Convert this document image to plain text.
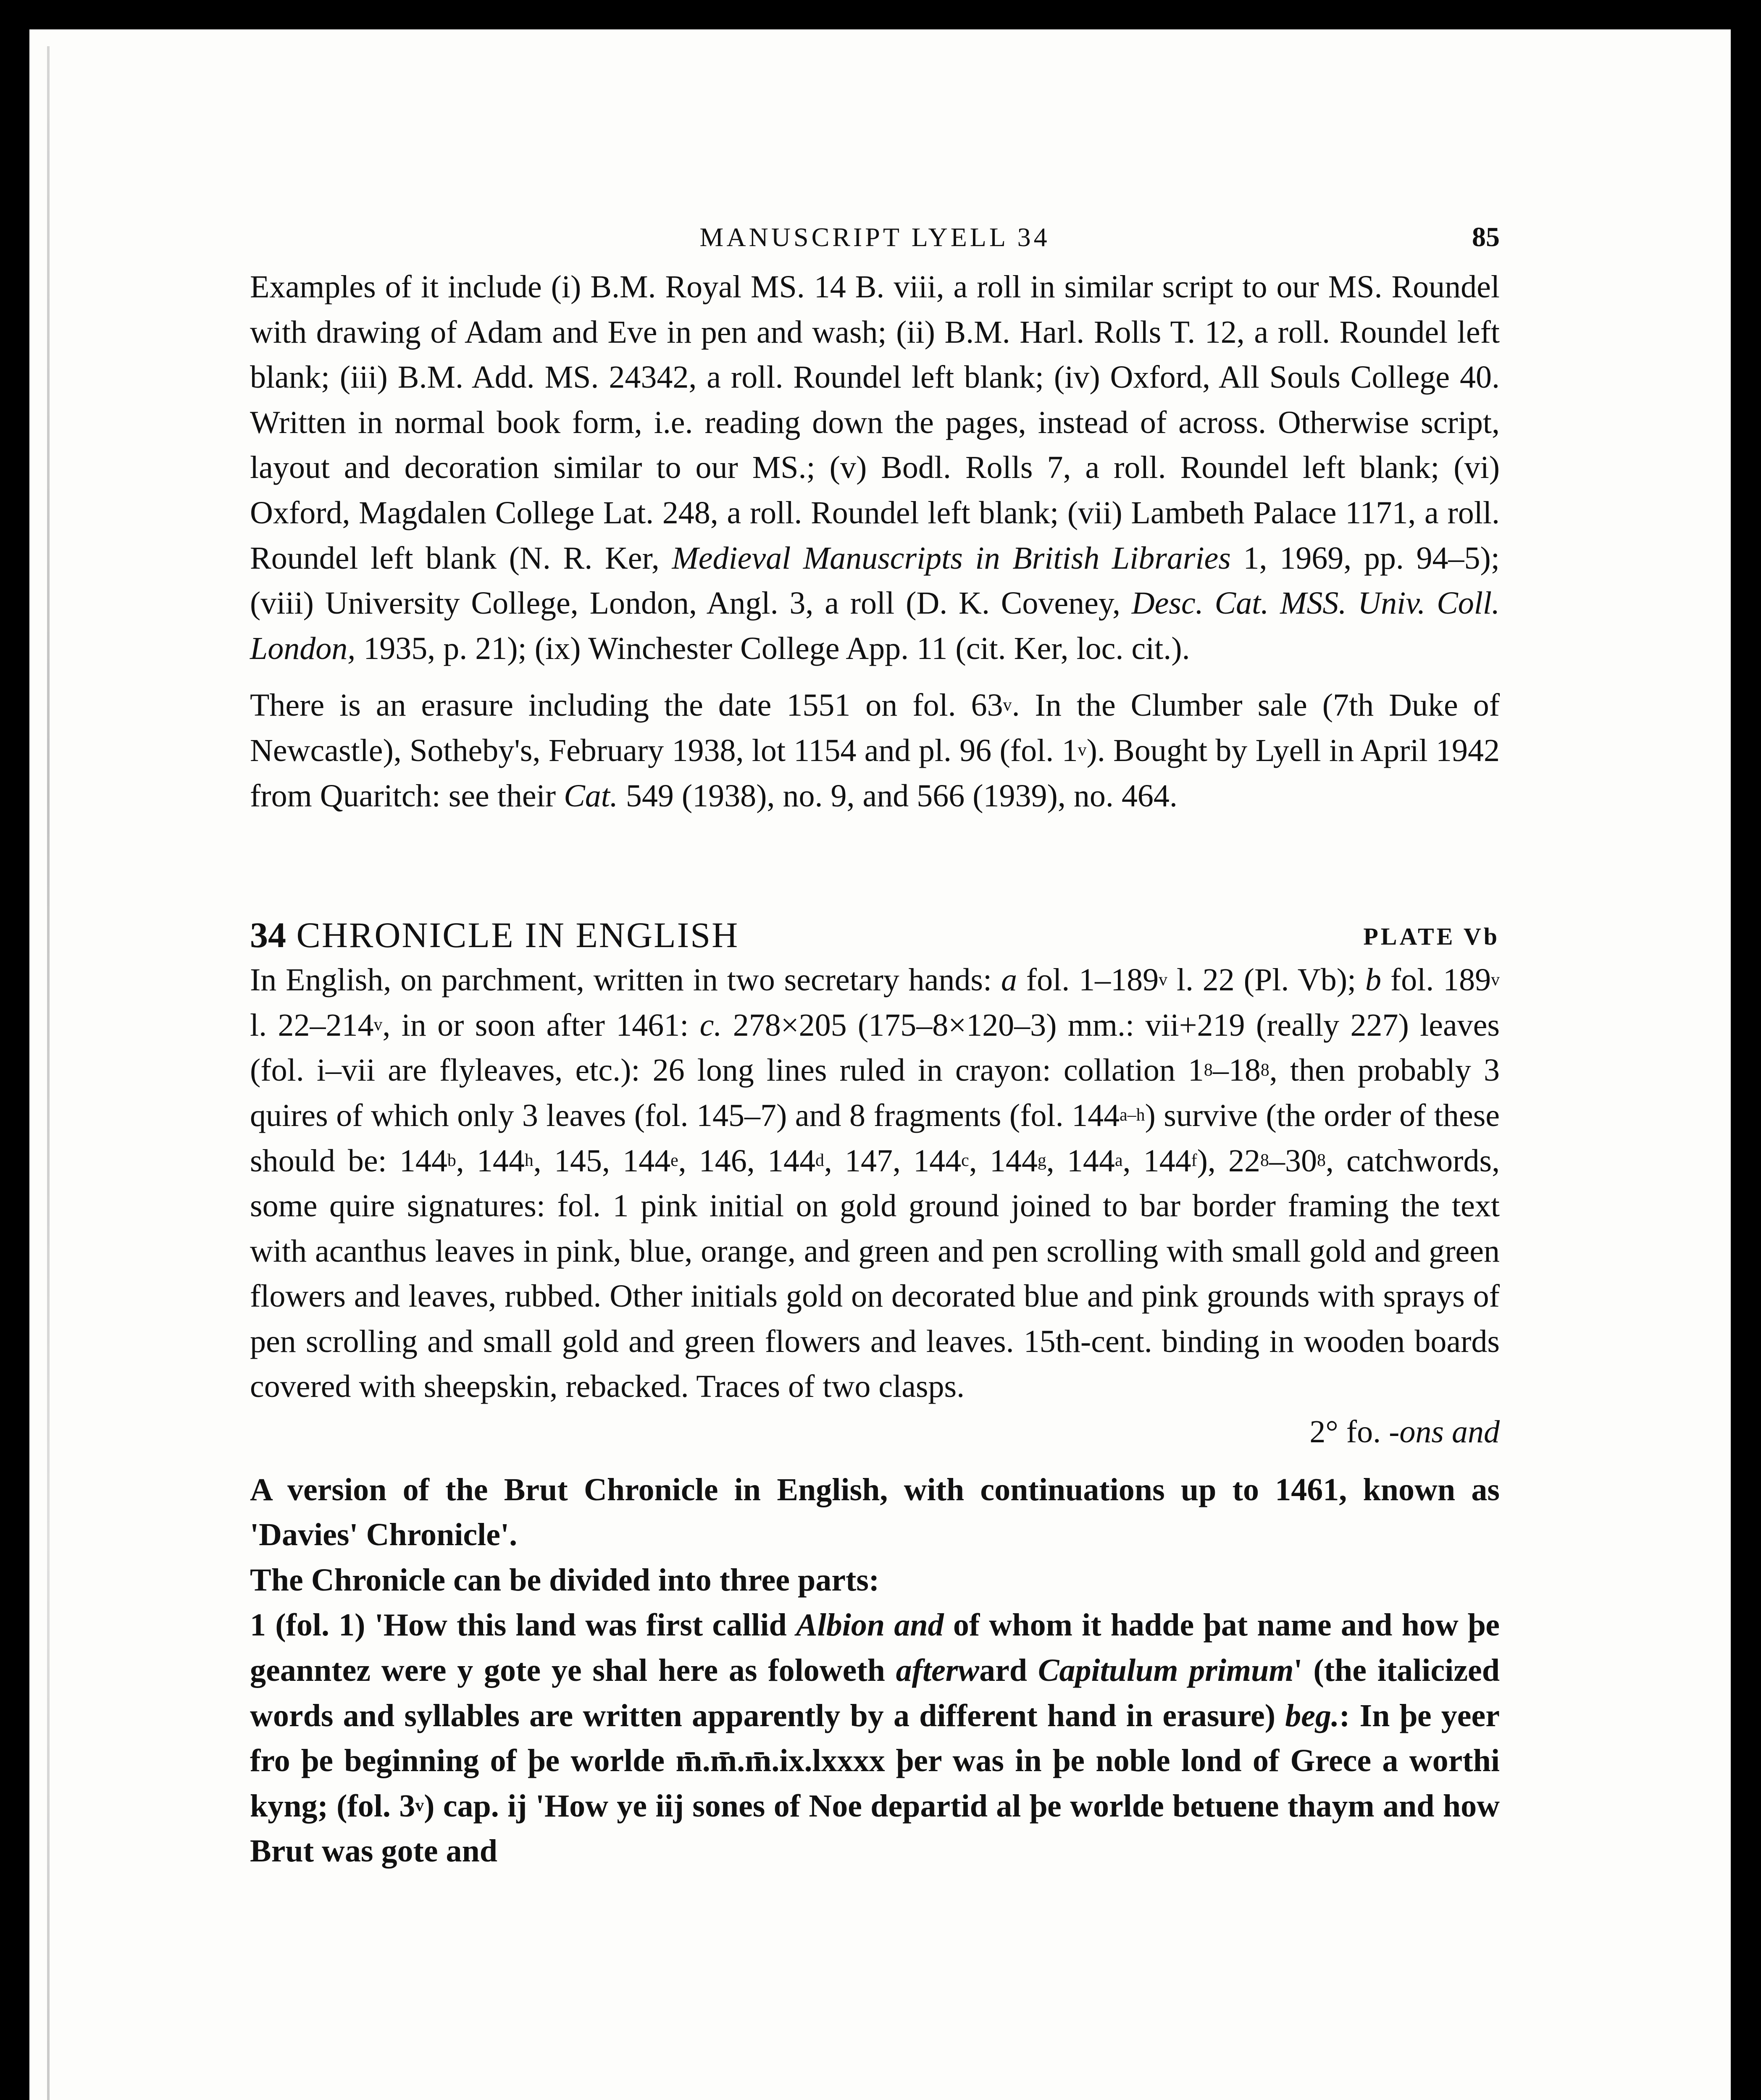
MANUSCRIPT LYELL 34	85

Examples of it include (i) B.M. Royal MS. 14 B. viii, a roll in similar script to our MS. Roundel with drawing of Adam and Eve in pen and wash; (ii) B.M. Harl. Rolls T. 12, a roll. Roundel left blank; (iii) B.M. Add. MS. 24342, a roll. Roundel left blank; (iv) Oxford, All Souls College 40. Written in normal book form, i.e. reading down the pages, instead of across. Otherwise script, layout and decoration similar to our MS.; (v) Bodl. Rolls 7, a roll. Roundel left blank; (vi) Oxford, Magdalen College Lat. 248, a roll. Roundel left blank; (vii) Lambeth Palace 1171, a roll. Roundel left blank (N. R. Ker, Medieval Manuscripts in British Libraries 1, 1969, pp. 94–5); (viii) University College, London, Angl. 3, a roll (D. K. Coveney, Desc. Cat. MSS. Univ. Coll. London, 1935, p. 21); (ix) Winchester College App. 11 (cit. Ker, loc. cit.).

There is an erasure including the date 1551 on fol. 63$^v$. In the Clumber sale (7th Duke of Newcastle), Sotheby's, February 1938, lot 1154 and pl. 96 (fol. 1$^v$). Bought by Lyell in April 1942 from Quaritch: see their Cat. 549 (1938), no. 9, and 566 (1939), no. 464.

34 CHRONICLE IN ENGLISH	PLATE Vb

In English, on parchment, written in two secretary hands: a fol. 1–189$^v$ l. 22 (Pl. Vb); b fol. 189$^v$ l. 22–214$^v$, in or soon after 1461: c. 278×205 (175–8×120–3) mm.: vii+219 (really 227) leaves (fol. i–vii are flyleaves, etc.): 26 long lines ruled in crayon: collation $1^8-18^8$, then probably 3 quires of which only 3 leaves (fol. 145–7) and 8 fragments (fol. 144$^{a-h}$) survive (the order of these should be: 144$^b$, 144$^h$, 145, 144e, 146, 144$^d$, 147, 144$^c$, 144$^g$, 144$^a$, 144$^f$), $22^8-30^8$, catchwords, some quire signatures: fol. 1 pink initial on gold ground joined to bar border framing the text with acanthus leaves in pink, blue, orange, and green and pen scrolling with small gold and green flowers and leaves, rubbed. Other initials gold on decorated blue and pink grounds with sprays of pen scrolling and small gold and green flowers and leaves. 15th-cent. binding in wooden boards covered with sheepskin, rebacked. Traces of two clasps.

2° fo. -ons and

A version of the Brut Chronicle in English, with continuations up to 1461, known as 'Davies' Chronicle'.

The Chronicle can be divided into three parts:

1 (fol. 1) 'How this land was first callid Albion and of whom it hadde þat name and how þe geanntez were y gote ye shal here as foloweth afterward Capitulum primum' (the italicized words and syllables are written apparently by a different hand in erasure) beg.: In þe yeer fro þe beginning of þe worlde m̄.m̄.m̄.ix.lxxxx þer was in þe noble lond of Grece a worthi kyng; (fol. 3$^v$) cap. ij 'How ye iij sones of Noe departid al þe worlde betuene thaym and how Brut was gote and
